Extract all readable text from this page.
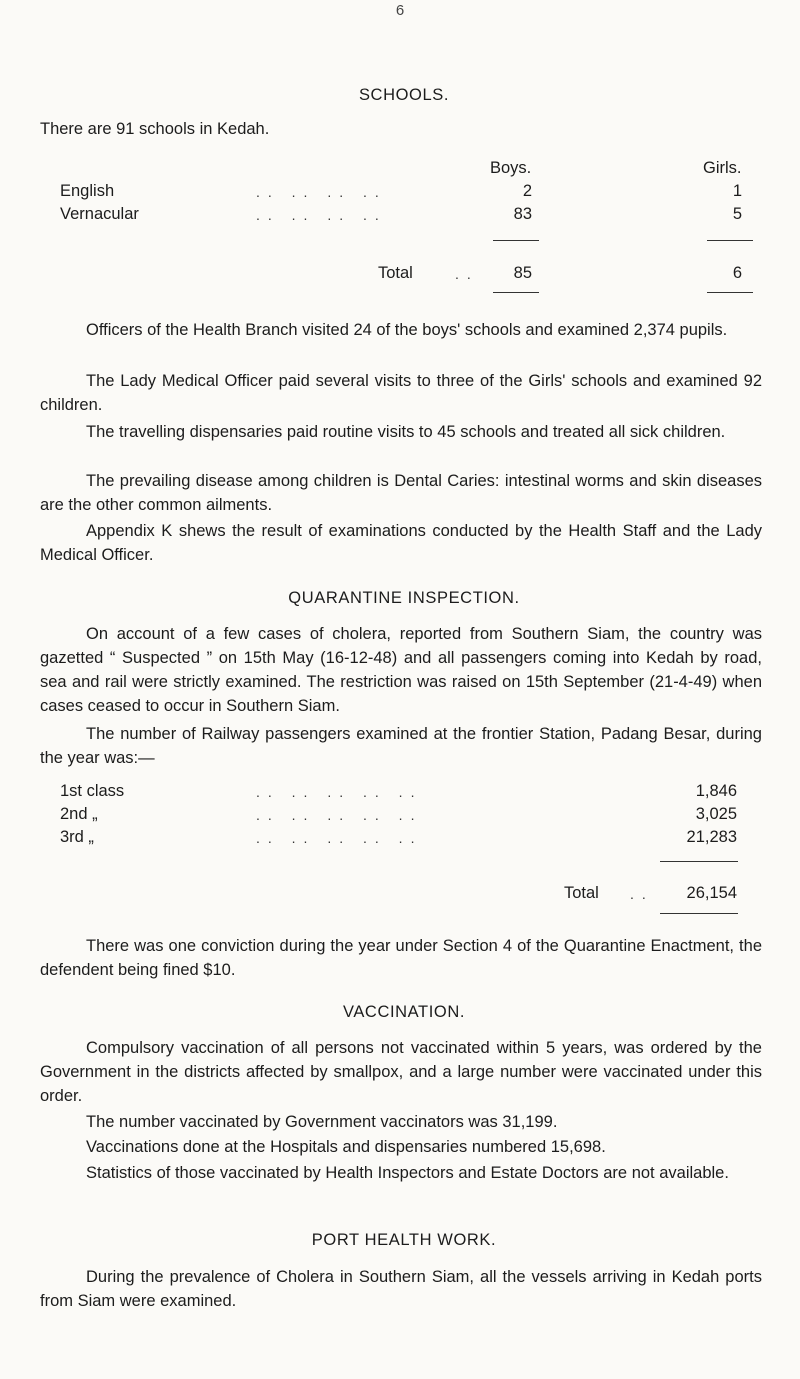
6
SCHOOLS.
There are 91 schools in Kedah.
Boys.	Girls.
English	.. .. .. ..	2	1
Vernacular	.. .. .. ..	83	5
Total	..	85	6

Officers of the Health Branch visited 24 of the boys' schools and examined 2,374 pupils.

The Lady Medical Officer paid several visits to three of the Girls' schools and examined 92 children.

The travelling dispensaries paid routine visits to 45 schools and treated all sick children.

The prevailing disease among children is Dental Caries: intestinal worms and skin diseases are the other common ailments.

Appendix K shews the result of examinations conducted by the Health Staff and the Lady Medical Officer.

QUARANTINE INSPECTION.

On account of a few cases of cholera, reported from Southern Siam, the country was gazetted “ Suspected ” on 15th May (16-12-48) and all passengers coming into Kedah by road, sea and rail were strictly examined. The restriction was raised on 15th September (21-4-49) when cases ceased to occur in Southern Siam.

The number of Railway passengers examined at the frontier Station, Padang Besar, during the year was:—

1st class	.. .. .. .. ..	1,846
2nd „	.. .. .. .. ..	3,025
3rd „	.. .. .. .. ..	21,283
Total ..	26,154

There was one conviction during the year under Section 4 of the Quarantine Enactment, the defendent being fined $10.

VACCINATION.

Compulsory vaccination of all persons not vaccinated within 5 years, was ordered by the Government in the districts affected by smallpox, and a large number were vaccinated under this order.

The number vaccinated by Government vaccinators was 31,199.

Vaccinations done at the Hospitals and dispensaries numbered 15,698.

Statistics of those vaccinated by Health Inspectors and Estate Doctors are not available.

PORT HEALTH WORK.

During the prevalence of Cholera in Southern Siam, all the vessels arriving in Kedah ports from Siam were examined.
